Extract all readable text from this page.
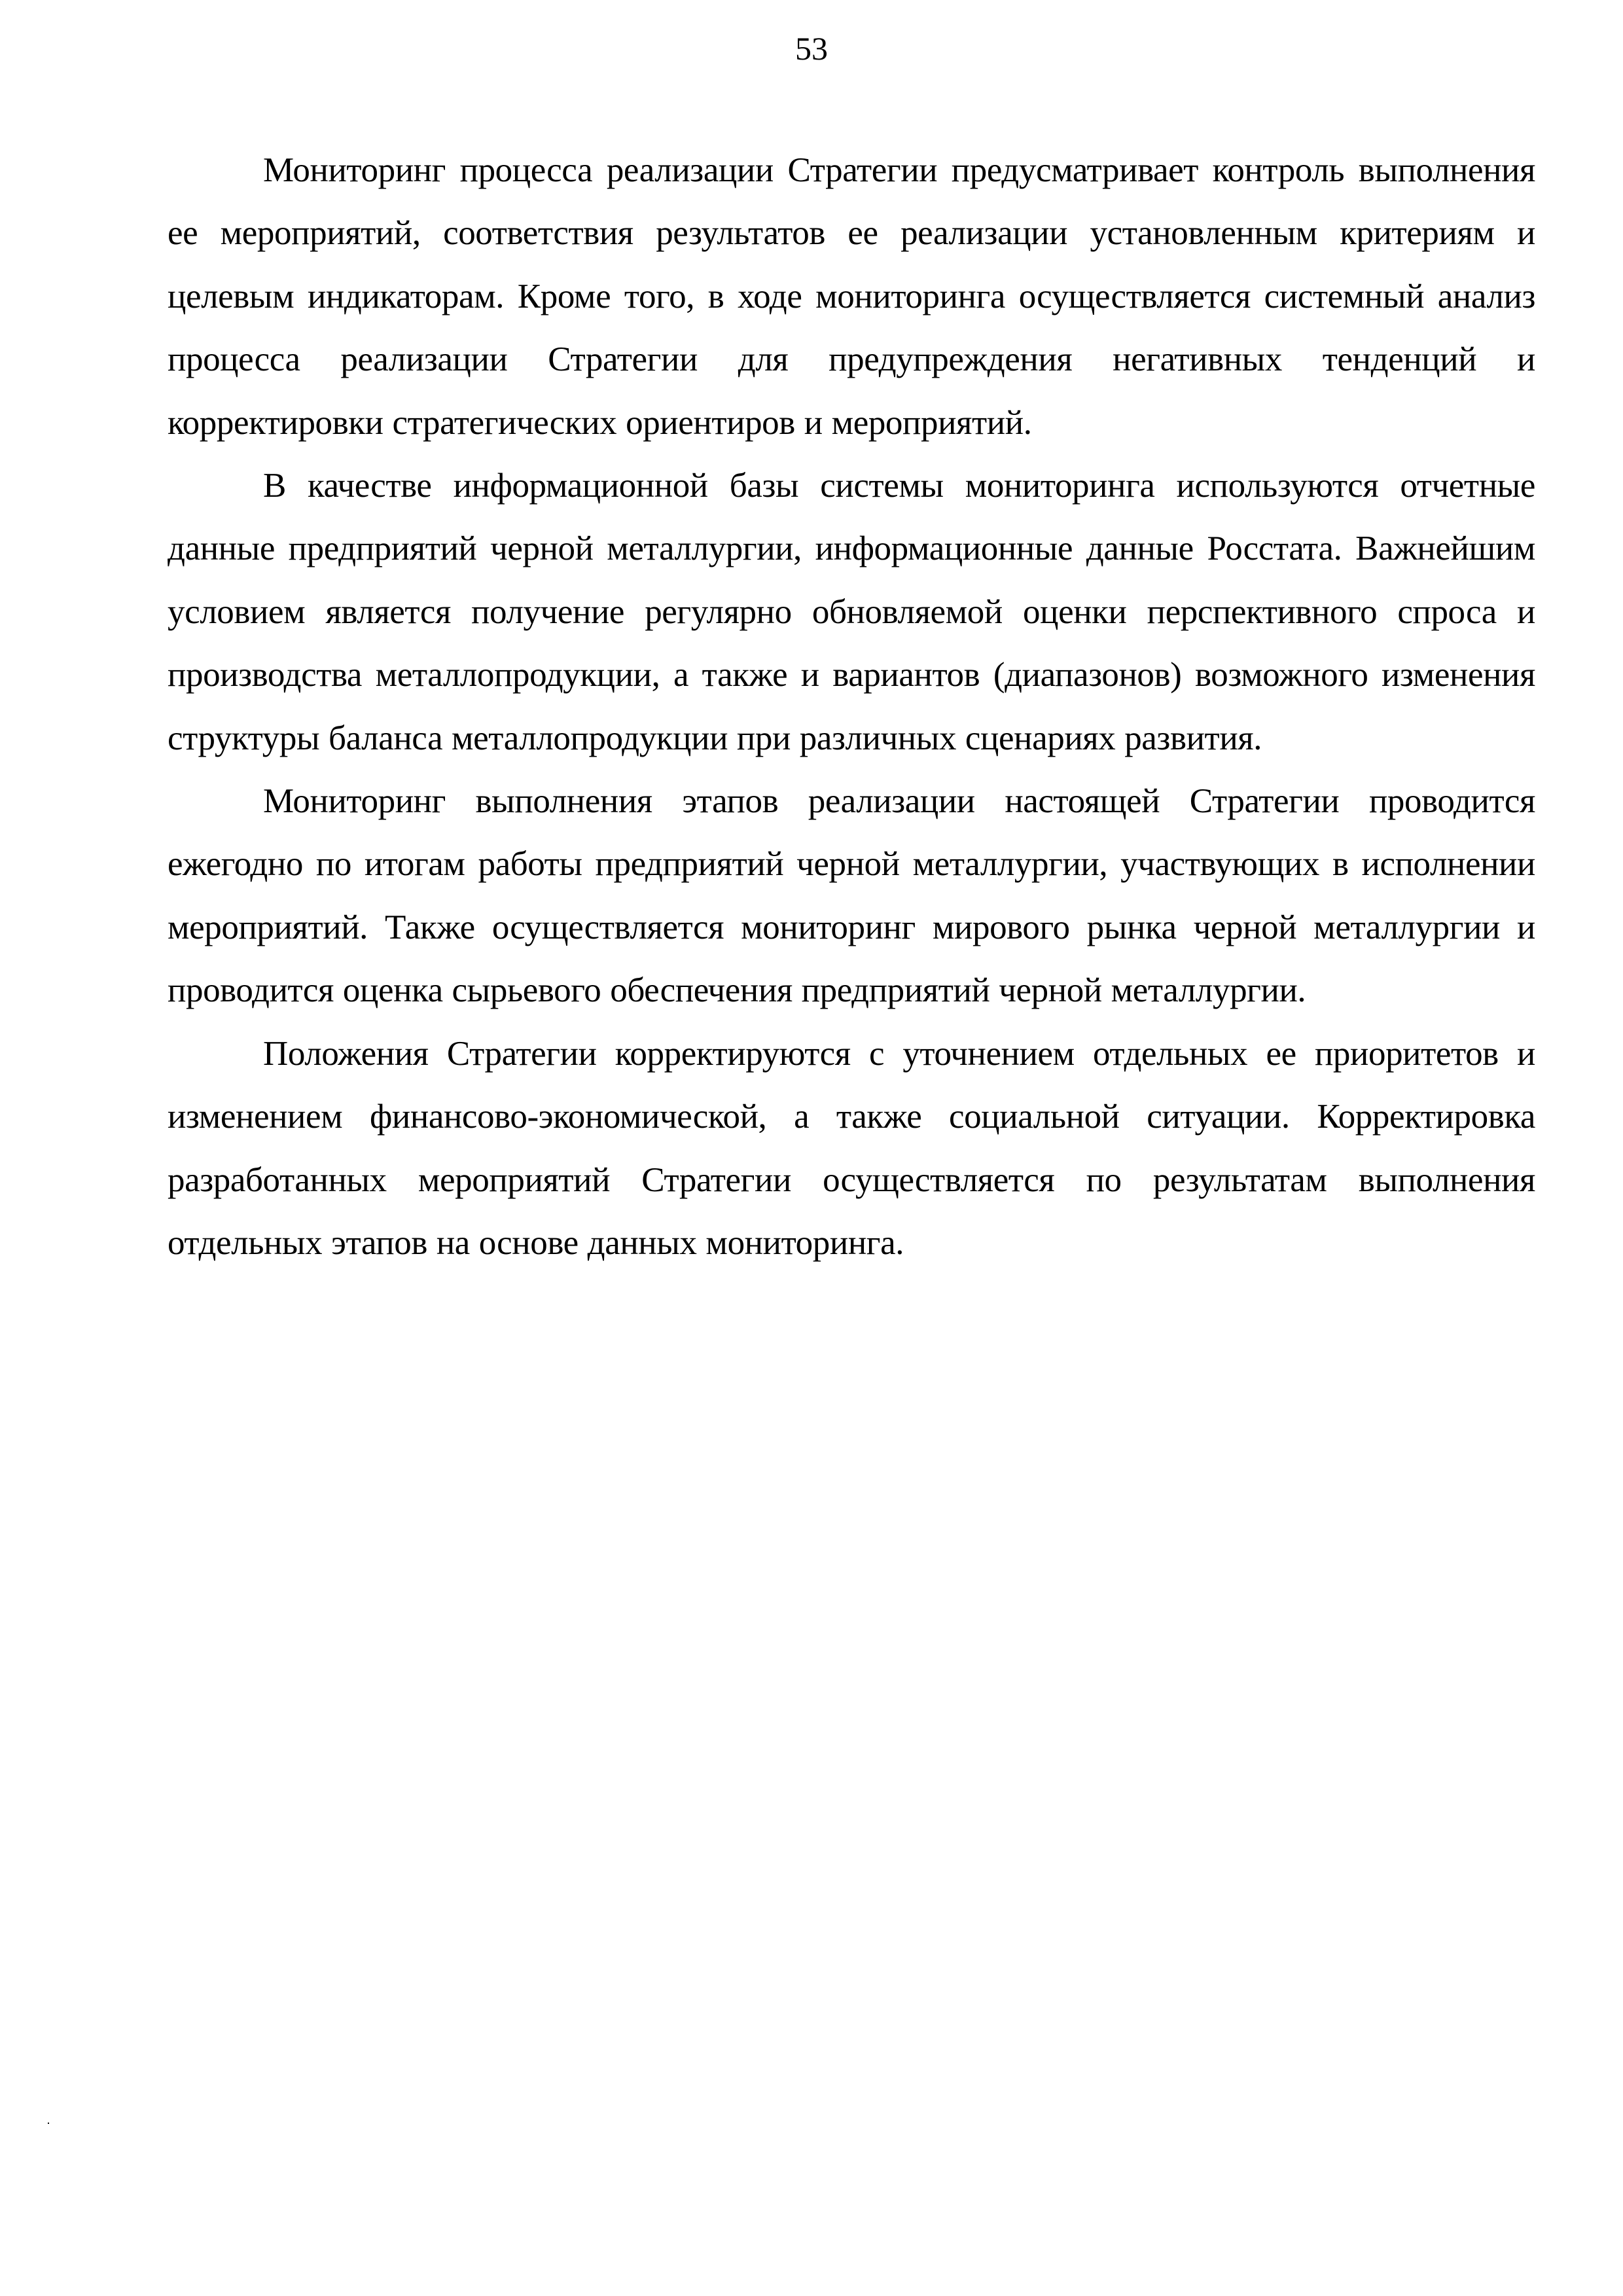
53

Мониторинг процесса реализации Стратегии предусматривает контроль выполнения ее мероприятий, соответствия результатов ее реализации установленным критериям и целевым индикаторам. Кроме того, в ходе мониторинга осуществляется системный анализ процесса реализации Стратегии для предупреждения негативных тенденций и корректировки стратегических ориентиров и мероприятий.

В качестве информационной базы системы мониторинга используются отчетные данные предприятий черной металлургии, информационные данные Росстата. Важнейшим условием является получение регулярно обновляемой оценки перспективного спроса и производства металлопродукции, а также и вариантов (диапазонов) возможного изменения структуры баланса металлопродукции при различных сценариях развития.

Мониторинг выполнения этапов реализации настоящей Стратегии проводится ежегодно по итогам работы предприятий черной металлургии, участвующих в исполнении мероприятий. Также осуществляется мониторинг мирового рынка черной металлургии и проводится оценка сырьевого обеспечения предприятий черной металлургии.

Положения Стратегии корректируются с уточнением отдельных ее приоритетов и изменением финансово-экономической, а также социальной ситуации. Корректировка разработанных мероприятий Стратегии осуществляется по результатам выполнения отдельных этапов на основе данных мониторинга.
